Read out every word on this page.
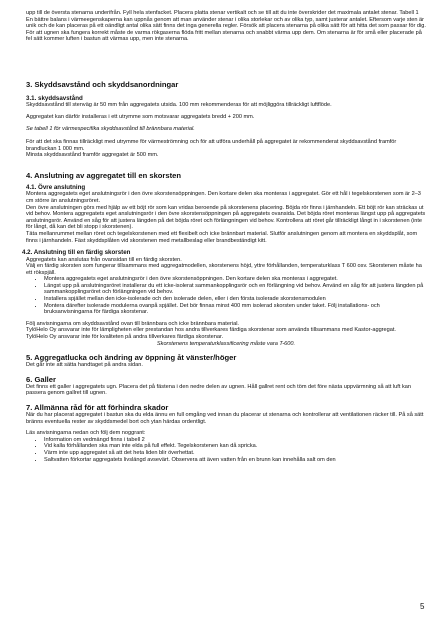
upp till de översta stenarna underifrån. Fyll hela stenfacket. Placera platta stenar vertikalt och se till att du inte överskrider det maximala antalet stenar. Tabell 1

En bättre balans i värmeegenskaperna kan uppnås genom att man använder stenar i olika storlekar och av olika typ, samt justerar antalet. Eftersom varje sten är unik och de kan placeras på ett oändligt antal olika sätt finns det inga generella regler. Försök att placera stenarna på olika sätt för att hitta det som passar för dig.

För att ugnen ska fungera korrekt måste de varma rökgaserna flöda fritt mellan stenarna och snabbt värma upp dem. Om stenarna är för små eller placerade på fel sätt kommer luften i bastun att värmas upp, men inte stenarna.

3. Skyddsavstånd och skyddsanordningar
3.1. skyddsavstånd

Skyddsavstånd till stenväg är 50 mm från aggregatets utsida. 100 mm rekommenderas för att möjliggöra tillräckligt luftflöde.

Aggregatet kan därför installeras i ett utrymme som motsvarar aggregatets bredd + 200 mm.

Se tabell 1 för värmespecifika skyddsavstånd till brännbara material.

För att det ska finnas tillräckligt med utrymme för värmeströmning och för att utföra underhåll på aggregatet är rekommenderat skyddsavstånd framför brandluckan 1 000 mm.

Minsta skyddsavstånd framför aggregatet är 500 mm.

4. Anslutning av aggregatet till en skorsten
4.1. Övre anslutning

Montera aggregatets eget anslutningsrör i den övre skorstensöppningen. Den kortare delen ska monteras i aggregatet. Gör ett hål i tegelskorstenen som är 2–3 cm större än anslutningsröret.

Den övre anslutningen görs med hjälp av ett böjt rör som kan vridas beroende på skorstenens placering. Böjda rör finns i järnhandeln. Ett böjt rör kan sträckas ut vid behov. Montera aggregatets eget anslutningsrör i den övre skorstensöppningen på aggregatets ovansida. Det böjda röret monteras längst upp på aggregatets anslutningsrör. Använd en såg för att justera längden på det böjda röret och förlängningen vid behov. Kontrollera att röret går tillräckligt långt in i skorstenen (inte för långt, då kan det bli stopp i skorstenen).

Täta mellanrummet mellan röret och tegelskorstenen med ett flexibelt och icke brännbart material. Slutför anslutningen genom att montera en skyddsplåt, som finns i järnhandeln. Fäst skyddsplåten vid skorstenen med metallbeslag eller brandbeständigt kitt.

4.2. Anslutning till en färdig skorsten

Aggregatets kan anslutas från ovansidan till en färdig skorsten.

Välj en färdig skorsten som fungerar tillsammans med aggregatmodellen, skorstenens höjd, yttre förhållanden, temperaturklass T 600 osv. Skorstenen måste ha ett rökspjäll.

• Montera aggregatets eget anslutningsrör i den övre skorstensöppningen. Den kortare delen ska monteras i aggregatet.
• Längst upp på anslutningsröret installerar du ett icke-isolerat sammankopplingsrör och en förlängning vid behov. Använd en såg för att justera längden på sammankopplingsröret och förlängningen vid behov.
• Installera spjället mellan den icke-isolerade och den isolerade delen, eller i den första isolerade skorstensmodulen
• Montera därefter isolerade modulerna ovanpå spjället. Det bör finnas minst 400 mm isolerad skorsten under taket. Följ installations- och bruksanvisningarna för färdiga skorstenar.

Följ anvisningarna om skyddsavstånd ovan till brännbara och icke brännbara material.

TylöHelo Oy ansvarar inte för lämpligheten eller prestandan hos andra tillverkares färdiga skorstenar som används tillsammans med Kastor-aggregat.

TylöHelo Oy ansvarar inte för kvaliteten på andra tillverkares färdiga skorstenar.

Skorstenens temperaturklassificering måste vara T-600.

5. Aggregatlucka och ändring av öppning åt vänster/höger

Det går inte att sätta handtaget på andra sidan.

6. Galler

Det finns ett galler i aggregatets ugn. Placera det på fästena i den nedre delen av ugnen. Håll gallret rent och töm det före nästa uppvärmning så att luft kan passera genom gallret till ugnen.

7. Allmänna råd för att förhindra skador

När du har placerat aggregatet i bastun ska du elda ännu en full omgång ved innan du placerar ut stenarna och kontrollerar att ventilationen räcker till. På så sätt bränns eventuella rester av skyddsmedel bort och ytan härdas ordentligt.

Läs anvisningarna nedan och följ dem noggrant:

• Information om vedmängd finns i tabell 2
• Vid kalla förhållanden ska man inte elda på full effekt. Tegelskorstenen kan då spricka.
• Värm inte upp aggregatet så att det heta liden blir överhettat.
• Saltvatten förkortar aggregatets livslängd avsevärt. Observera att även vatten från en brunn kan innehålla salt om den
5
